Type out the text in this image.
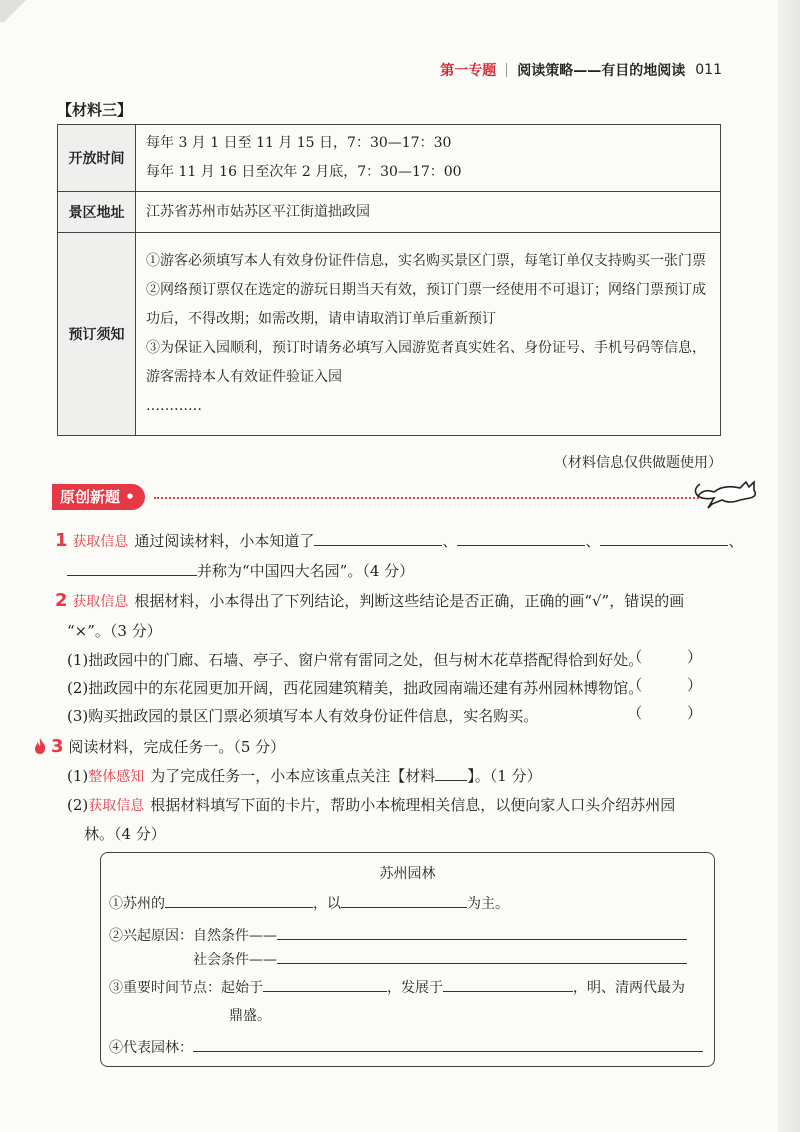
第一专题 阅读策略——有目的地阅读 011
【材料三】
开放时间	每年 3 月 1 日至 11 月 15 日，7：30—17：30
每年 11 月 16 日至次年 2 月底，7：30—17：00

景区地址	江苏省苏州市姑苏区平江街道拙政园

预订须知	①游客必须填写本人有效身份证件信息，实名购买景区门票，每笔订单仅支持购买一张门票
②网络预订票仅在选定的游玩日期当天有效，预订门票一经使用不可退订；网络门票预订成功后，不得改期；如需改期，请申请取消订单后重新预订
③为保证入园顺利，预订时请务必填写入园游览者真实姓名、身份证号、手机号码等信息，游客需持本人有效证件验证入园
…………
（材料信息仅供做题使用）
原创新题 •
1 获取信息 通过阅读材料，小本知道了	、	、	、
并称为“中国四大名园”。（4 分）
2 获取信息 根据材料，小本得出了下列结论，判断这些结论是否正确，正确的画“√”，错误的画
“×”。（3 分）
(1)拙政园中的门廊、石墙、亭子、窗户常有雷同之处，但与树木花草搭配得恰到好处。
（ ）
(2)拙政园中的东花园更加开阔，西花园建筑精美，拙政园南端还建有苏州园林博物馆。
（ ）
(3)购买拙政园的景区门票必须填写本人有效身份证件信息，实名购买。	（ ）
3 阅读材料，完成任务一。（5 分）
(1)整体感知 为了完成任务一，小本应该重点关注【材料 】。（1 分）
(2)获取信息 根据材料填写下面的卡片，帮助小本梳理相关信息，以便向家人口头介绍苏州园
林。（4 分）
苏州园林
①苏州的	，以	为主。
②兴起原因：自然条件——
社会条件——
③重要时间节点：起始于	，发展于	，明、清两代最为
鼎盛。
④代表园林：
